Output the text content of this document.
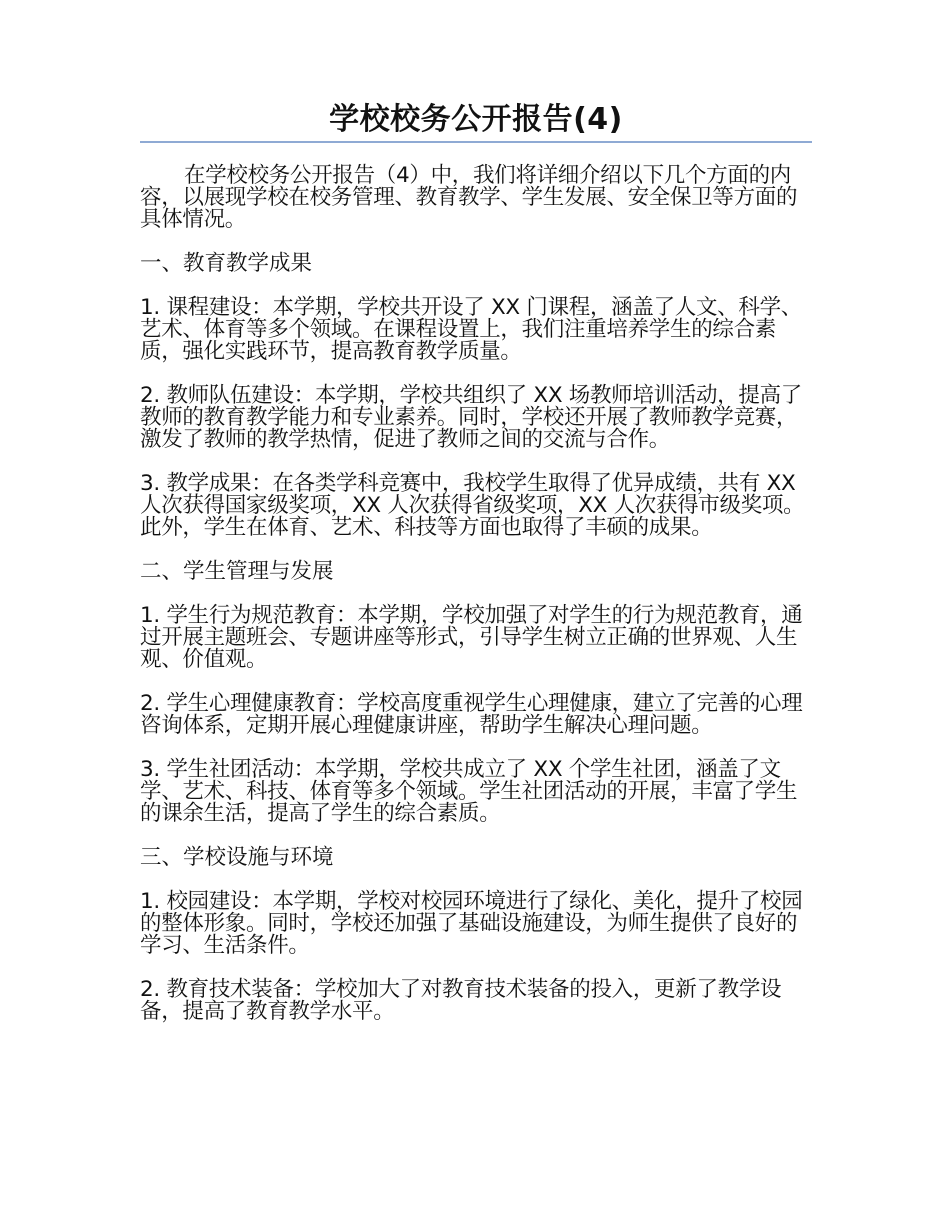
学校校务公开报告(4)

在学校校务公开报告（4）中，我们将详细介绍以下几个方面的内容，以展现学校在校务管理、教育教学、学生发展、安全保卫等方面的具体情况。

一、教育教学成果

1. 课程建设：本学期，学校共开设了 XX 门课程，涵盖了人文、科学、艺术、体育等多个领域。在课程设置上，我们注重培养学生的综合素质，强化实践环节，提高教育教学质量。

2. 教师队伍建设：本学期，学校共组织了 XX 场教师培训活动，提高了教师的教育教学能力和专业素养。同时，学校还开展了教师教学竞赛，激发了教师的教学热情，促进了教师之间的交流与合作。

3. 教学成果：在各类学科竞赛中，我校学生取得了优异成绩，共有 XX 人次获得国家级奖项，XX 人次获得省级奖项，XX 人次获得市级奖项。此外，学生在体育、艺术、科技等方面也取得了丰硕的成果。

二、学生管理与发展

1. 学生行为规范教育：本学期，学校加强了对学生的行为规范教育，通过开展主题班会、专题讲座等形式，引导学生树立正确的世界观、人生观、价值观。

2. 学生心理健康教育：学校高度重视学生心理健康，建立了完善的心理咨询体系，定期开展心理健康讲座，帮助学生解决心理问题。

3. 学生社团活动：本学期，学校共成立了 XX 个学生社团，涵盖了文学、艺术、科技、体育等多个领域。学生社团活动的开展，丰富了学生的课余生活，提高了学生的综合素质。

三、学校设施与环境

1. 校园建设：本学期，学校对校园环境进行了绿化、美化，提升了校园的整体形象。同时，学校还加强了基础设施建设，为师生提供了良好的学习、生活条件。

2. 教育技术装备：学校加大了对教育技术装备的投入，更新了教学设备，提高了教育教学水平。
